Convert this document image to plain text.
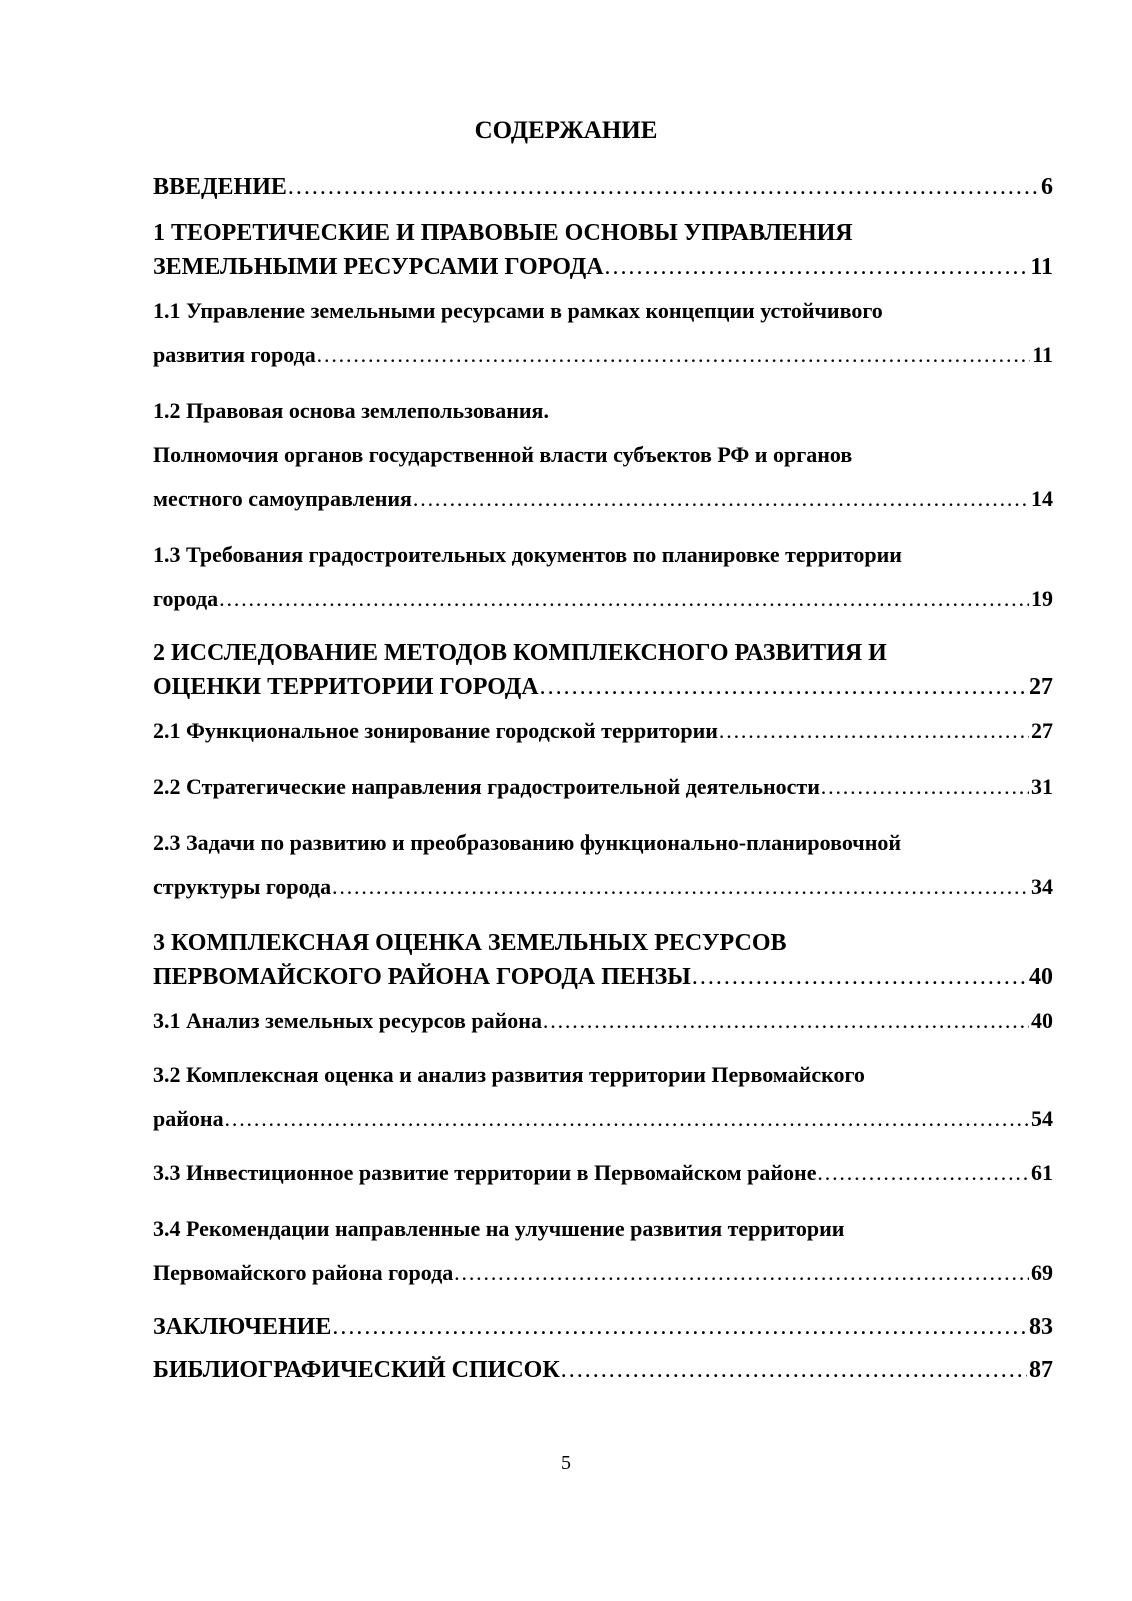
СОДЕРЖАНИЕ
ВВЕДЕНИЕ ………………………………………………………………………………………………………………………………………………………………………………………………………	6
1 ТЕОРЕТИЧЕСКИЕ И ПРАВОВЫЕ ОСНОВЫ УПРАВЛЕНИЯ
ЗЕМЕЛЬНЫМИ РЕСУРСАМИ ГОРОДА ………………………………………………………………………………………………………………………………………………………………………………………………………	11
1.1 Управление земельными ресурсами в рамках концепции устойчивого
развития города ………………………………………………………………………………………………………………………………………………………………………………………………………	11
1.2 Правовая основа землепользования.
Полномочия органов государственной власти субъектов РФ и органов
местного самоуправления ………………………………………………………………………………………………………………………………………………………………………………………………………	14
1.3 Требования градостроительных документов по планировке территории
города ………………………………………………………………………………………………………………………………………………………………………………………………………	19
2 ИССЛЕДОВАНИЕ МЕТОДОВ КОМПЛЕКСНОГО РАЗВИТИЯ И
ОЦЕНКИ ТЕРРИТОРИИ ГОРОДА ………………………………………………………………………………………………………………………………………………………………………………………………………	27
2.1 Функциональное зонирование городской территории ………………………………………………………………………………………………………………………………………………………………………………………………………	27
2.2 Стратегические направления градостроительной деятельности ………………………………………………………………………………………………………………………………………………………………………………………………………	31
2.3 Задачи по развитию и преобразованию функционально-планировочной
структуры города ………………………………………………………………………………………………………………………………………………………………………………………………………	34
3 КОМПЛЕКСНАЯ ОЦЕНКА ЗЕМЕЛЬНЫХ РЕСУРСОВ
ПЕРВОМАЙСКОГО РАЙОНА ГОРОДА ПЕНЗЫ ………………………………………………………………………………………………………………………………………………………………………………………………………	40
3.1 Анализ земельных ресурсов района ………………………………………………………………………………………………………………………………………………………………………………………………………	40
3.2 Комплексная оценка и анализ развития территории Первомайского
района ………………………………………………………………………………………………………………………………………………………………………………………………………	54
3.3 Инвестиционное развитие территории в Первомайском районе ………………………………………………………………………………………………………………………………………………………………………………………………………	61
3.4 Рекомендации направленные на улучшение развития территории
Первомайского района города ………………………………………………………………………………………………………………………………………………………………………………………………………	69
ЗАКЛЮЧЕНИЕ ………………………………………………………………………………………………………………………………………………………………………………………………………	83
БИБЛИОГРАФИЧЕСКИЙ СПИСОК ………………………………………………………………………………………………………………………………………………………………………………………………………	87
5
